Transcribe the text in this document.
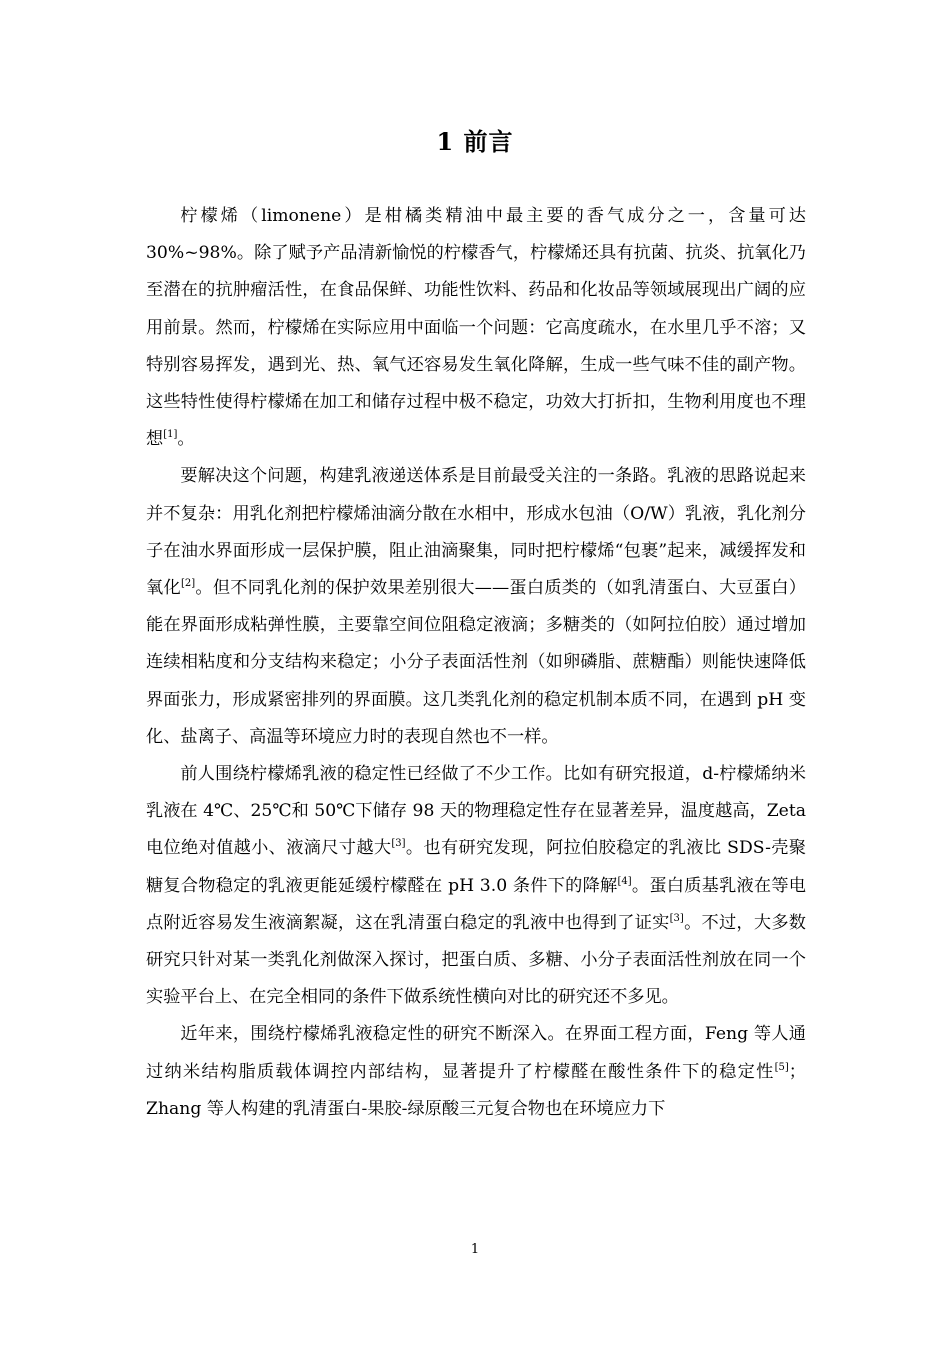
1 前言

柠檬烯（limonene）是柑橘类精油中最主要的香气成分之一，含量可达30%~98%。除了赋予产品清新愉悦的柠檬香气，柠檬烯还具有抗菌、抗炎、抗氧化乃至潜在的抗肿瘤活性，在食品保鲜、功能性饮料、药品和化妆品等领域展现出广阔的应用前景。然而，柠檬烯在实际应用中面临一个问题：它高度疏水，在水里几乎不溶；又特别容易挥发，遇到光、热、氧气还容易发生氧化降解，生成一些气味不佳的副产物。这些特性使得柠檬烯在加工和储存过程中极不稳定，功效大打折扣，生物利用度也不理想[1]。

要解决这个问题，构建乳液递送体系是目前最受关注的一条路。乳液的思路说起来并不复杂：用乳化剂把柠檬烯油滴分散在水相中，形成水包油（O/W）乳液，乳化剂分子在油水界面形成一层保护膜，阻止油滴聚集，同时把柠檬烯“包裹”起来，减缓挥发和氧化[2]。但不同乳化剂的保护效果差别很大——蛋白质类的（如乳清蛋白、大豆蛋白）能在界面形成粘弹性膜，主要靠空间位阻稳定液滴；多糖类的（如阿拉伯胶）通过增加连续相粘度和分支结构来稳定；小分子表面活性剂（如卵磷脂、蔗糖酯）则能快速降低界面张力，形成紧密排列的界面膜。这几类乳化剂的稳定机制本质不同，在遇到 pH 变化、盐离子、高温等环境应力时的表现自然也不一样。

前人围绕柠檬烯乳液的稳定性已经做了不少工作。比如有研究报道，d-柠檬烯纳米乳液在 4℃、25℃和 50℃下储存 98 天的物理稳定性存在显著差异，温度越高，Zeta 电位绝对值越小、液滴尺寸越大[3]。也有研究发现，阿拉伯胶稳定的乳液比 SDS-壳聚糖复合物稳定的乳液更能延缓柠檬醛在 pH 3.0 条件下的降解[4]。蛋白质基乳液在等电点附近容易发生液滴絮凝，这在乳清蛋白稳定的乳液中也得到了证实[3]。不过，大多数研究只针对某一类乳化剂做深入探讨，把蛋白质、多糖、小分子表面活性剂放在同一个实验平台上、在完全相同的条件下做系统性横向对比的研究还不多见。

近年来，围绕柠檬烯乳液稳定性的研究不断深入。在界面工程方面，Feng 等人通过纳米结构脂质载体调控内部结构，显著提升了柠檬醛在酸性条件下的稳定性[5]；Zhang 等人构建的乳清蛋白-果胶-绿原酸三元复合物也在环境应力下

1
